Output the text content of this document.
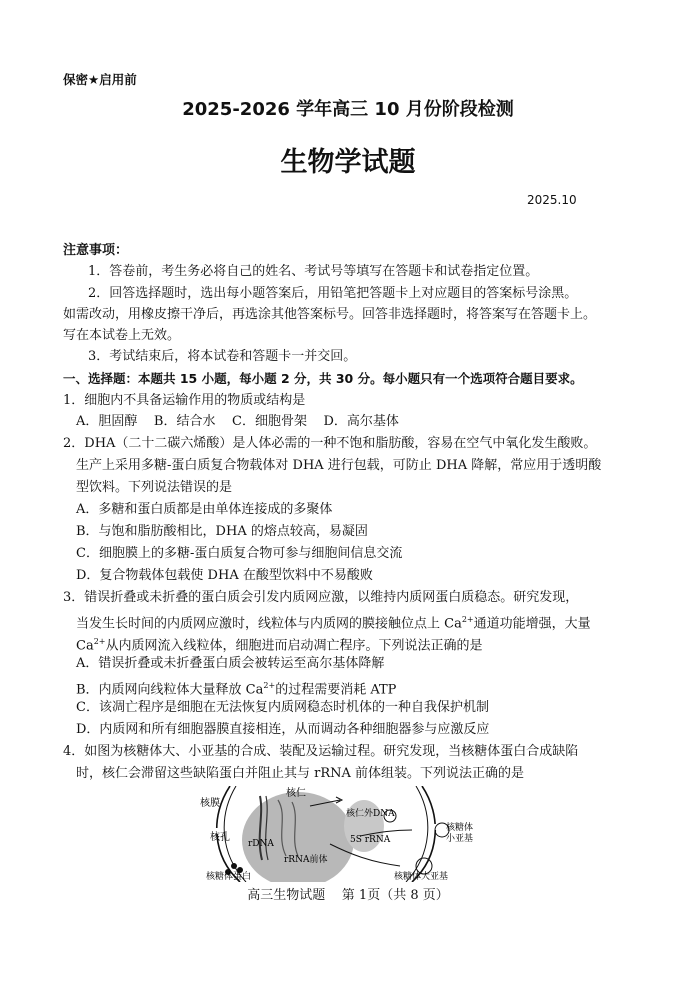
保密★启用前
2025-2026 学年高三 10 月份阶段检测
生物学试题
2025.10
注意事项：
1．答卷前，考生务必将自己的姓名、考试号等填写在答题卡和试卷指定位置。
2．回答选择题时，选出每小题答案后，用铅笔把答题卡上对应题目的答案标号涂黑。
如需改动，用橡皮擦干净后，再选涂其他答案标号。回答非选择题时，将答案写在答题卡上。
写在本试卷上无效。
3．考试结束后，将本试卷和答题卡一并交回。
一、选择题：本题共 15 小题，每小题 2 分，共 30 分。每小题只有一个选项符合题目要求。
1．细胞内不具备运输作用的物质或结构是
A．胆固醇    B．结合水    C．细胞骨架    D．高尔基体
2．DHA（二十二碳六烯酸）是人体必需的一种不饱和脂肪酸，容易在空气中氧化发生酸败。
生产上采用多糖-蛋白质复合物载体对 DHA 进行包载，可防止 DHA 降解，常应用于透明酸
型饮料。下列说法错误的是
A．多糖和蛋白质都是由单体连接成的多聚体
B．与饱和脂肪酸相比，DHA 的熔点较高，易凝固
C．细胞膜上的多糖-蛋白质复合物可参与细胞间信息交流
D．复合物载体包载使 DHA 在酸型饮料中不易酸败
3．错误折叠或未折叠的蛋白质会引发内质网应激，以维持内质网蛋白质稳态。研究发现，
当发生长时间的内质网应激时，线粒体与内质网的膜接触位点上 $Ca^{2+}$通道功能增强，大量
$Ca^{2+}$从内质网流入线粒体，细胞进而启动凋亡程序。下列说法正确的是
A．错误折叠或未折叠蛋白质会被转运至高尔基体降解
B．内质网向线粒体大量释放 $Ca^{2+}$的过程需要消耗 ATP
C．该凋亡程序是细胞在无法恢复内质网稳态时机体的一种自我保护机制
D．内质网和所有细胞器膜直接相连，从而调动各种细胞器参与应激反应
4．如图为核糖体大、小亚基的合成、装配及运输过程。研究发现，当核糖体蛋白合成缺陷
时，核仁会滞留这些缺陷蛋白并阻止其与 rRNA 前体组装。下列说法正确的是
核膜
核仁
核孔
rDNA
核仁外DNA
5S rRNA
rRNA前体
核糖体
小亚基
核糖体蛋白	核糖体大亚基
高三生物试题    第 1页（共 8 页）
